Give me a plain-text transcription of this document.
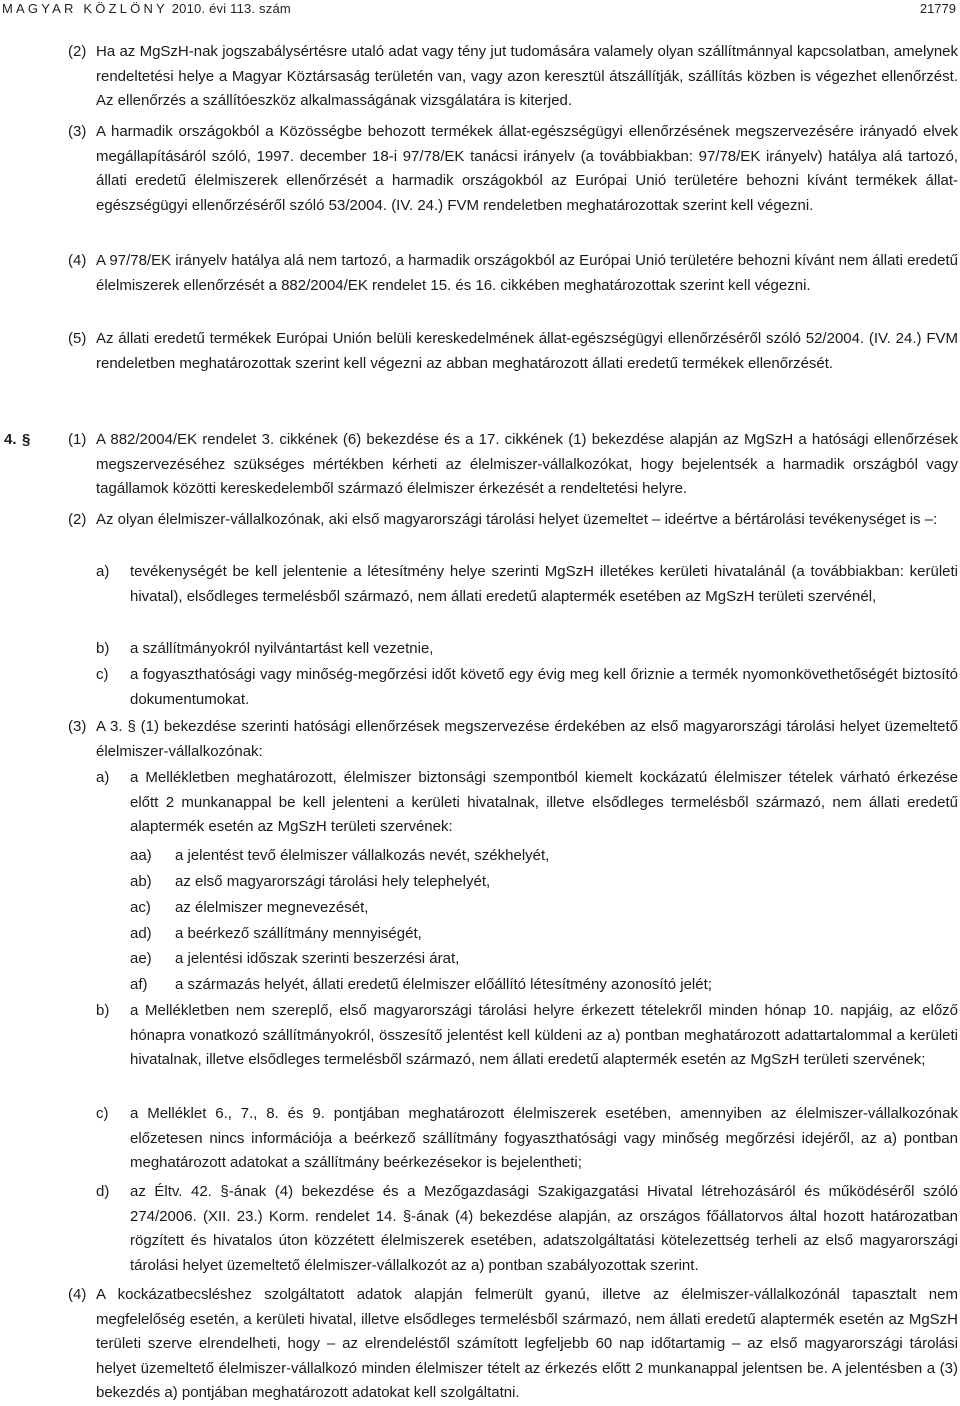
MAGYAR KÖZLÖNY 2010. évi 113. szám	21779
(2) Ha az MgSzH-nak jogszabálysértésre utaló adat vagy tény jut tudomására valamely olyan szállítmánnyal kapcsolatban, amelynek rendeltetési helye a Magyar Köztársaság területén van, vagy azon keresztül átszállítják, szállítás közben is végezhet ellenőrzést. Az ellenőrzés a szállítóeszköz alkalmasságának vizsgálatára is kiterjed.
(3) A harmadik országokból a Közösségbe behozott termékek állat-egészségügyi ellenőrzésének megszervezésére irányadó elvek megállapításáról szóló, 1997. december 18-i 97/78/EK tanácsi irányelv (a továbbiakban: 97/78/EK irányelv) hatálya alá tartozó, állati eredetű élelmiszerek ellenőrzését a harmadik országokból az Európai Unió területére behozni kívánt termékek állat-egészségügyi ellenőrzéséről szóló 53/2004. (IV. 24.) FVM rendeletben meghatározottak szerint kell végezni.
(4) A 97/78/EK irányelv hatálya alá nem tartozó, a harmadik országokból az Európai Unió területére behozni kívánt nem állati eredetű élelmiszerek ellenőrzését a 882/2004/EK rendelet 15. és 16. cikkében meghatározottak szerint kell végezni.
(5) Az állati eredetű termékek Európai Unión belüli kereskedelmének állat-egészségügyi ellenőrzéséről szóló 52/2004. (IV. 24.) FVM rendeletben meghatározottak szerint kell végezni az abban meghatározott állati eredetű termékek ellenőrzését.
4. §	(1) A 882/2004/EK rendelet 3. cikkének (6) bekezdése és a 17. cikkének (1) bekezdése alapján az MgSzH a hatósági ellenőrzések megszervezéséhez szükséges mértékben kérheti az élelmiszer-vállalkozókat, hogy bejelentsék a harmadik országból vagy tagállamok közötti kereskedelemből származó élelmiszer érkezését a rendeltetési helyre.
(2) Az olyan élelmiszer-vállalkozónak, aki első magyarországi tárolási helyet üzemeltet – ideértve a bértárolási tevékenységet is –:
a) tevékenységét be kell jelentenie a létesítmény helye szerinti MgSzH illetékes kerületi hivatalánál (a továbbiakban: kerületi hivatal), elsődleges termelésből származó, nem állati eredetű alaptermék esetében az MgSzH területi szervénél,
b) a szállítmányokról nyilvántartást kell vezetnie,
c) a fogyaszthatósági vagy minőség-megőrzési időt követő egy évig meg kell őriznie a termék nyomonkövethetőségét biztosító dokumentumokat.
(3) A 3. § (1) bekezdése szerinti hatósági ellenőrzések megszervezése érdekében az első magyarországi tárolási helyet üzemeltető élelmiszer-vállalkozónak:
a) a Mellékletben meghatározott, élelmiszer biztonsági szempontból kiemelt kockázatú élelmiszer tételek várható érkezése előtt 2 munkanappal be kell jelenteni a kerületi hivatalnak, illetve elsődleges termelésből származó, nem állati eredetű alaptermék esetén az MgSzH területi szervének:
aa) a jelentést tevő élelmiszer vállalkozás nevét, székhelyét,
ab) az első magyarországi tárolási hely telephelyét,
ac) az élelmiszer megnevezését,
ad) a beérkező szállítmány mennyiségét,
ae) a jelentési időszak szerinti beszerzési árat,
af) a származás helyét, állati eredetű élelmiszer előállító létesítmény azonosító jelét;
b) a Mellékletben nem szereplő, első magyarországi tárolási helyre érkezett tételekről minden hónap 10. napjáig, az előző hónapra vonatkozó szállítmányokról, összesítő jelentést kell küldeni az a) pontban meghatározott adattartalommal a kerületi hivatalnak, illetve elsődleges termelésből származó, nem állati eredetű alaptermék esetén az MgSzH területi szervének;
c) a Melléklet 6., 7., 8. és 9. pontjában meghatározott élelmiszerek esetében, amennyiben az élelmiszer-vállalkozónak előzetesen nincs információja a beérkező szállítmány fogyaszthatósági vagy minőség megőrzési idejéről, az a) pontban meghatározott adatokat a szállítmány beérkezésekor is bejelentheti;
d) az Éltv. 42. §-ának (4) bekezdése és a Mezőgazdasági Szakigazgatási Hivatal létrehozásáról és működéséről szóló 274/2006. (XII. 23.) Korm. rendelet 14. §-ának (4) bekezdése alapján, az országos főállatorvos által hozott határozatban rögzített és hivatalos úton közzétett élelmiszerek esetében, adatszolgáltatási kötelezettség terheli az első magyarországi tárolási helyet üzemeltető élelmiszer-vállalkozót az a) pontban szabályozottak szerint.
(4) A kockázatbecsléshez szolgáltatott adatok alapján felmerült gyanú, illetve az élelmiszer-vállalkozónál tapasztalt nem megfelelőség esetén, a kerületi hivatal, illetve elsődleges termelésből származó, nem állati eredetű alaptermék esetén az MgSzH területi szerve elrendelheti, hogy – az elrendeléstől számított legfeljebb 60 nap időtartamig – az első magyarországi tárolási helyet üzemeltető élelmiszer-vállalkozó minden élelmiszer tételt az érkezés előtt 2 munkanappal jelentsen be. A jelentésben a (3) bekezdés a) pontjában meghatározott adatokat kell szolgáltatni.
